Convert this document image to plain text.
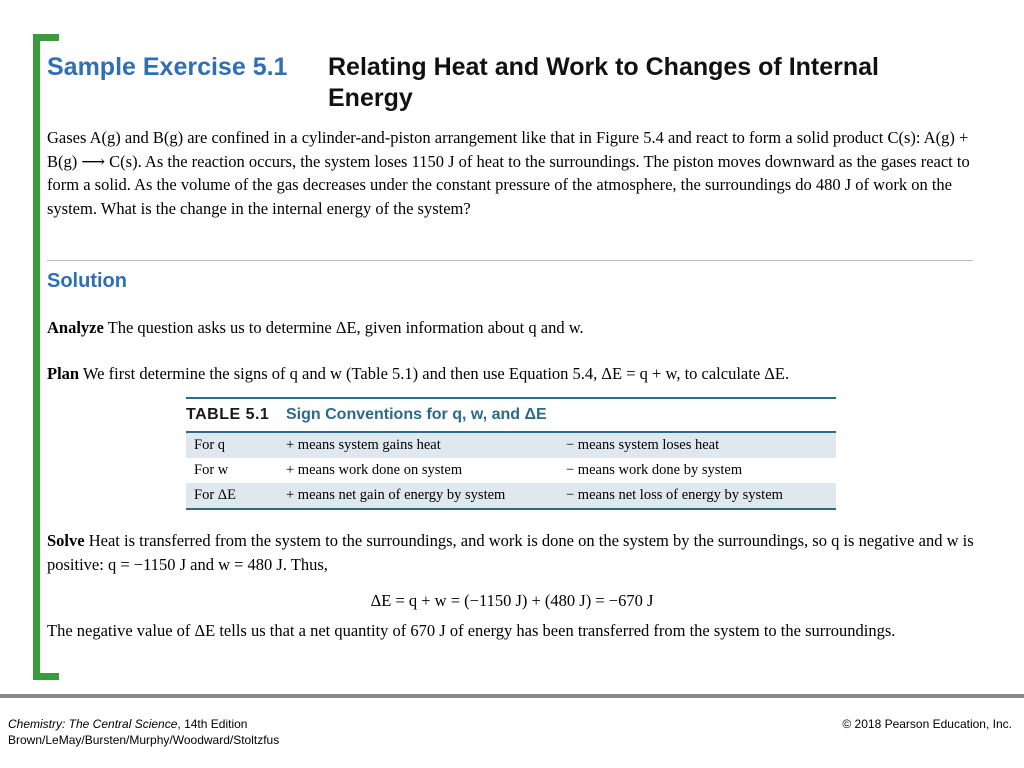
Sample Exercise 5.1 Relating Heat and Work to Changes of Internal Energy
Gases A(g) and B(g) are confined in a cylinder-and-piston arrangement like that in Figure 5.4 and react to form a solid product C(s): A(g) + B(g) ⟶ C(s). As the reaction occurs, the system loses 1150 J of heat to the surroundings. The piston moves downward as the gases react to form a solid. As the volume of the gas decreases under the constant pressure of the atmosphere, the surroundings do 480 J of work on the system. What is the change in the internal energy of the system?
Solution
Analyze The question asks us to determine ΔE, given information about q and w.
Plan We first determine the signs of q and w (Table 5.1) and then use Equation 5.4, ΔE = q + w, to calculate ΔE.
TABLE 5.1	Sign Conventions for q, w, and ΔE
For q	+ means system gains heat	− means system loses heat
For w	+ means work done on system	− means work done by system
For ΔE	+ means net gain of energy by system	− means net loss of energy by system
Solve Heat is transferred from the system to the surroundings, and work is done on the system by the surroundings, so q is negative and w is positive: q = −1150 J and w = 480 J. Thus,
ΔE = q + w = (−1150 J) + (480 J) = −670 J
The negative value of ΔE tells us that a net quantity of 670 J of energy has been transferred from the system to the surroundings.
Chemistry: The Central Science, 14th Edition
Brown/LeMay/Bursten/Murphy/Woodward/Stoltzfus
© 2018 Pearson Education, Inc.
